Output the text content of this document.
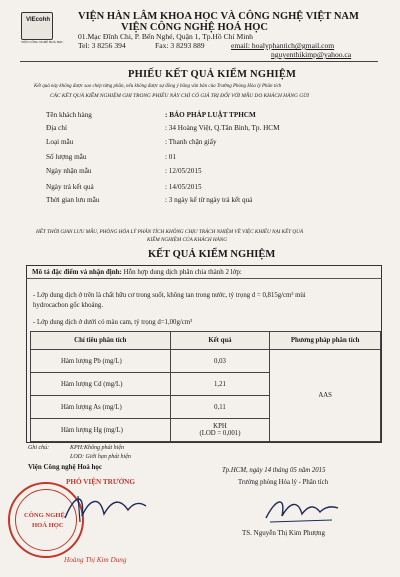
VIEcohh
VIỆN CÔNG NGHỆ HOÁ HỌC
VIỆN HÀN LÂM KHOA HỌC VÀ CÔNG NGHỆ VIỆT NAM
VIỆN CÔNG NGHỆ HOÁ HỌC
01.Mạc Đĩnh Chi, P. Bến Nghé, Quận 1, Tp.Hồ Chí Minh
Tel: 3 8256 394	Fax: 3 8293 889	email: hoalyphantich@gmail.com
nguyenthikimp@yahoo.ca
PHIẾU KẾT QUẢ KIỂM NGHIỆM
Kết quả này không được sao chép từng phần, nếu không được sự đồng ý bằng văn bản của Trường Phòng Hóa lý Phân tích
CÁC KẾT QUẢ KIỂM NGHIỆM GHI TRONG PHIẾU NÀY CHỈ CÓ GIÁ TRỊ ĐỐI VỚI MẪU DO KHÁCH HÀNG GỬI
Tên khách hàng	: BÁO PHÁP LUẬT TPHCM
Địa chỉ	: 34 Hoàng Việt, Q.Tân Bình, Tp. HCM
Loại mẫu	: Thanh chặn giấy
Số lượng mẫu	: 01
Ngày nhận mẫu	: 12/05/2015
Ngày trả kết quả	: 14/05/2015
Thời gian lưu mẫu	: 3 ngày kể từ ngày trả kết quả
HẾT THỜI GIAN LƯU MẪU, PHÒNG HÓA LÝ PHÂN TÍCH KHÔNG CHỊU TRÁCH NHIỆM VỀ VIỆC KHIẾU NẠI KẾT QUẢ
KIỂM NGHIỆM CỦA KHÁCH HÀNG
KẾT QUẢ KIỂM NGHIỆM
Mô tả đặc điểm và nhận định: Hỗn hợp dung dịch phân chia thành 2 lớp:
- Lớp dung dịch ở trên là chất hữu cơ trong suốt, không tan trong nước, tỷ trọng d = 0,815g/cm³ mùi
hydrocacbon gốc khoáng.
- Lớp dung dịch ở dưới có màu cam, tỷ trọng d=1,00g/cm³
Chỉ tiêu phân tích	Kết quả	Phương pháp phân tích
Hàm lượng Pb (mg/L)	0,03	AAS
Hàm lượng Cd (mg/L)	1,21	
Hàm lượng As (mg/L)	0,11	
Hàm lượng Hg (mg/L)	KPH
(LOD = 0,001)	
Ghi chú:	KPH:Không phát hiện
LOD: Giới hạn phát hiện
Viện Công nghệ Hoá học	Tp.HCM, ngày 14 tháng 05 năm 2015
Trưởng phòng Hóa lý - Phân tích
CÔNG NGHỆ
HOÁ HỌC
PHÓ VIỆN TRƯỞNG
TS. Nguyễn Thị Kim Phượng
Hoàng Thị Kim Dung
